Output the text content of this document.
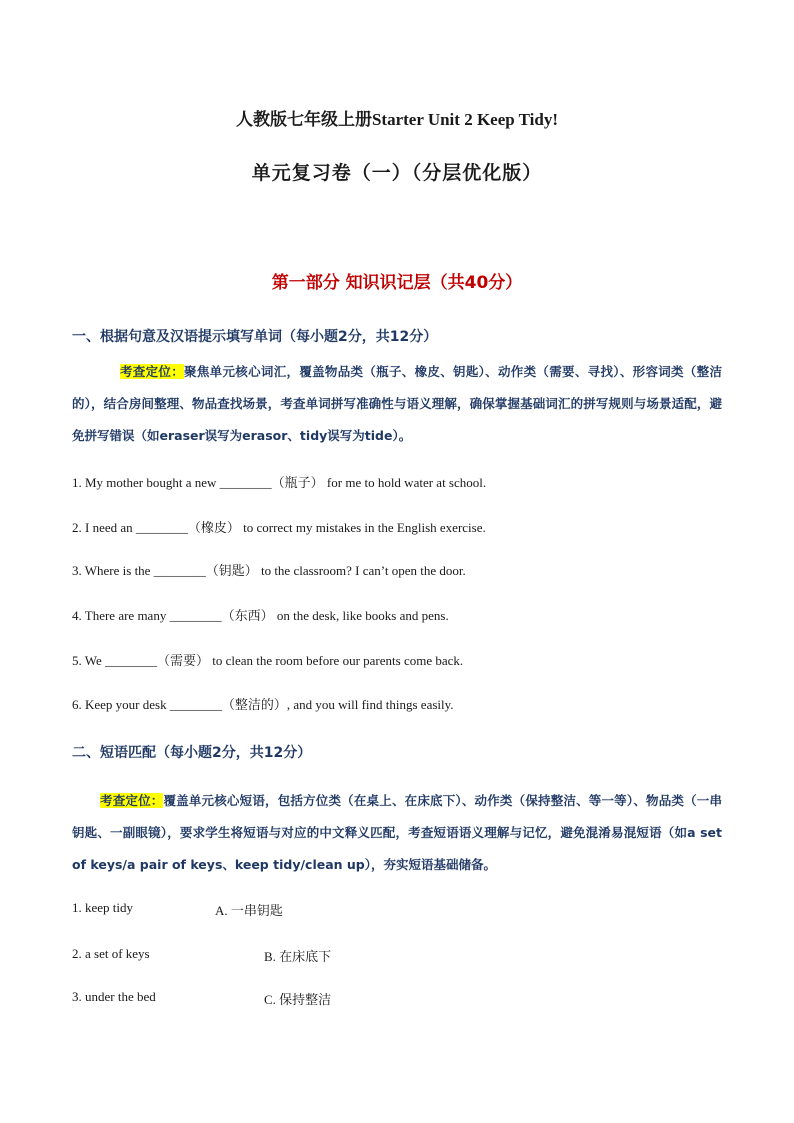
人教版七年级上册Starter Unit 2 Keep Tidy!
单元复习卷（一）（分层优化版）
第一部分 知识识记层（共40分）
一、根据句意及汉语提示填写单词（每小题2分，共12分）
考查定位：聚焦单元核心词汇，覆盖物品类（瓶子、橡皮、钥匙）、动作类（需要、寻找）、形容词类（整洁的），结合房间整理、物品查找场景，考查单词拼写准确性与语义理解，确保掌握基础词汇的拼写规则与场景适配，避免拼写错误（如eraser误写为erasor、tidy误写为tide）。
1. My mother bought a new ________（瓶子） for me to hold water at school.
2. I need an ________（橡皮） to correct my mistakes in the English exercise.
3. Where is the ________（钥匙） to the classroom? I can’t open the door.
4. There are many ________（东西） on the desk, like books and pens.
5. We ________（需要） to clean the room before our parents come back.
6. Keep your desk ________（整洁的）, and you will find things easily.
二、短语匹配（每小题2分，共12分）
考查定位：覆盖单元核心短语，包括方位类（在桌上、在床底下）、动作类（保持整洁、等一等）、物品类（一串钥匙、一副眼镜），要求学生将短语与对应的中文释义匹配，考查短语语义理解与记忆，避免混淆易混短语（如a set of keys/a pair of keys、keep tidy/clean up），夯实短语基础储备。
1. keep tidy	A. 一串钥匙
2. a set of keys	B. 在床底下
3. under the bed	C. 保持整洁
